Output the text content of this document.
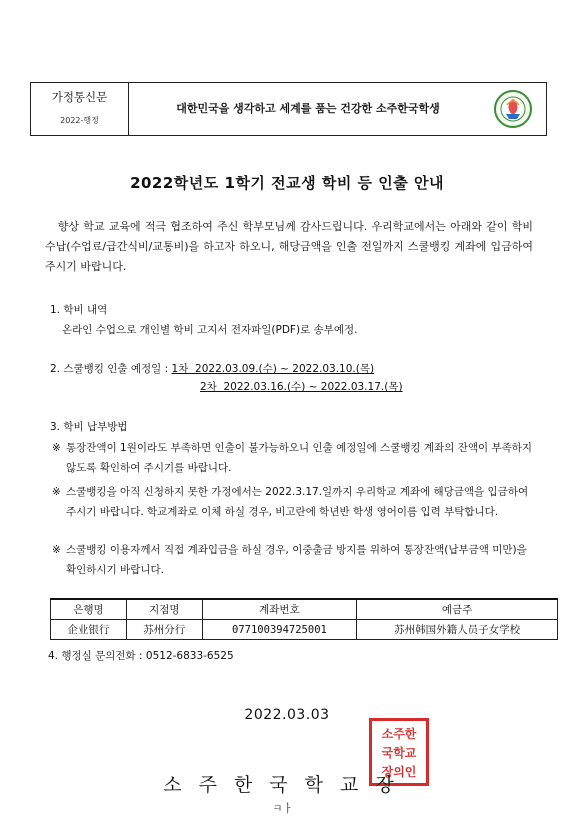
가정통신문
2022-행정
대한민국을 생각하고 세계를 품는 건강한 소주한국학생
2022학년도 1학기 전교생 학비 등 인출 안내
향상 학교 교육에 적극 협조하여 주신 학부모님께 감사드립니다. 우리학교에서는 아래와 같이 학비수납(수업료/급간식비/교통비)을 하고자 하오니, 해당금액을 인출 전일까지 스쿨뱅킹 계좌에 입금하여 주시기 바랍니다.
1. 학비 내역
온라인 수업으로 개인별 학비 고지서 전자파일(PDF)로 송부예정.
2. 스쿨뱅킹 인출 예정일 : 1차  2022.03.09.(수) ~ 2022.03.10.(목)
2차  2022.03.16.(수) ~ 2022.03.17.(목)
3. 학비 납부방법
※ 통장잔액이 1원이라도 부족하면 인출이 불가능하오니 인출 예정일에 스쿨뱅킹 계좌의 잔액이 부족하지 않도록 확인하여 주시기를 바랍니다.
※ 스쿨뱅킹을 아직 신청하지 못한 가정에서는 2022.3.17.일까지 우리학교 계좌에 해당금액을 입금하여 주시기 바랍니다. 학교계좌로 이체 하실 경우, 비고란에 학년반 학생 영어이름 입력 부탁합니다.
※ 스쿨뱅킹 이용자께서 직접 계좌입금을 하실 경우, 이중출금 방지를 위하여 통장잔액(납부금액 미만)을 확인하시기 바랍니다.
은행명	지점명	계좌번호	예금주
企业银行	苏州分行	077100394725001	苏州韩国外籍人员子女学校
4. 행정실 문의전화 : 0512-6833-6525
2022.03.03
소주한
국학교
장의인
소주한국학교장
ㅋㅏ
